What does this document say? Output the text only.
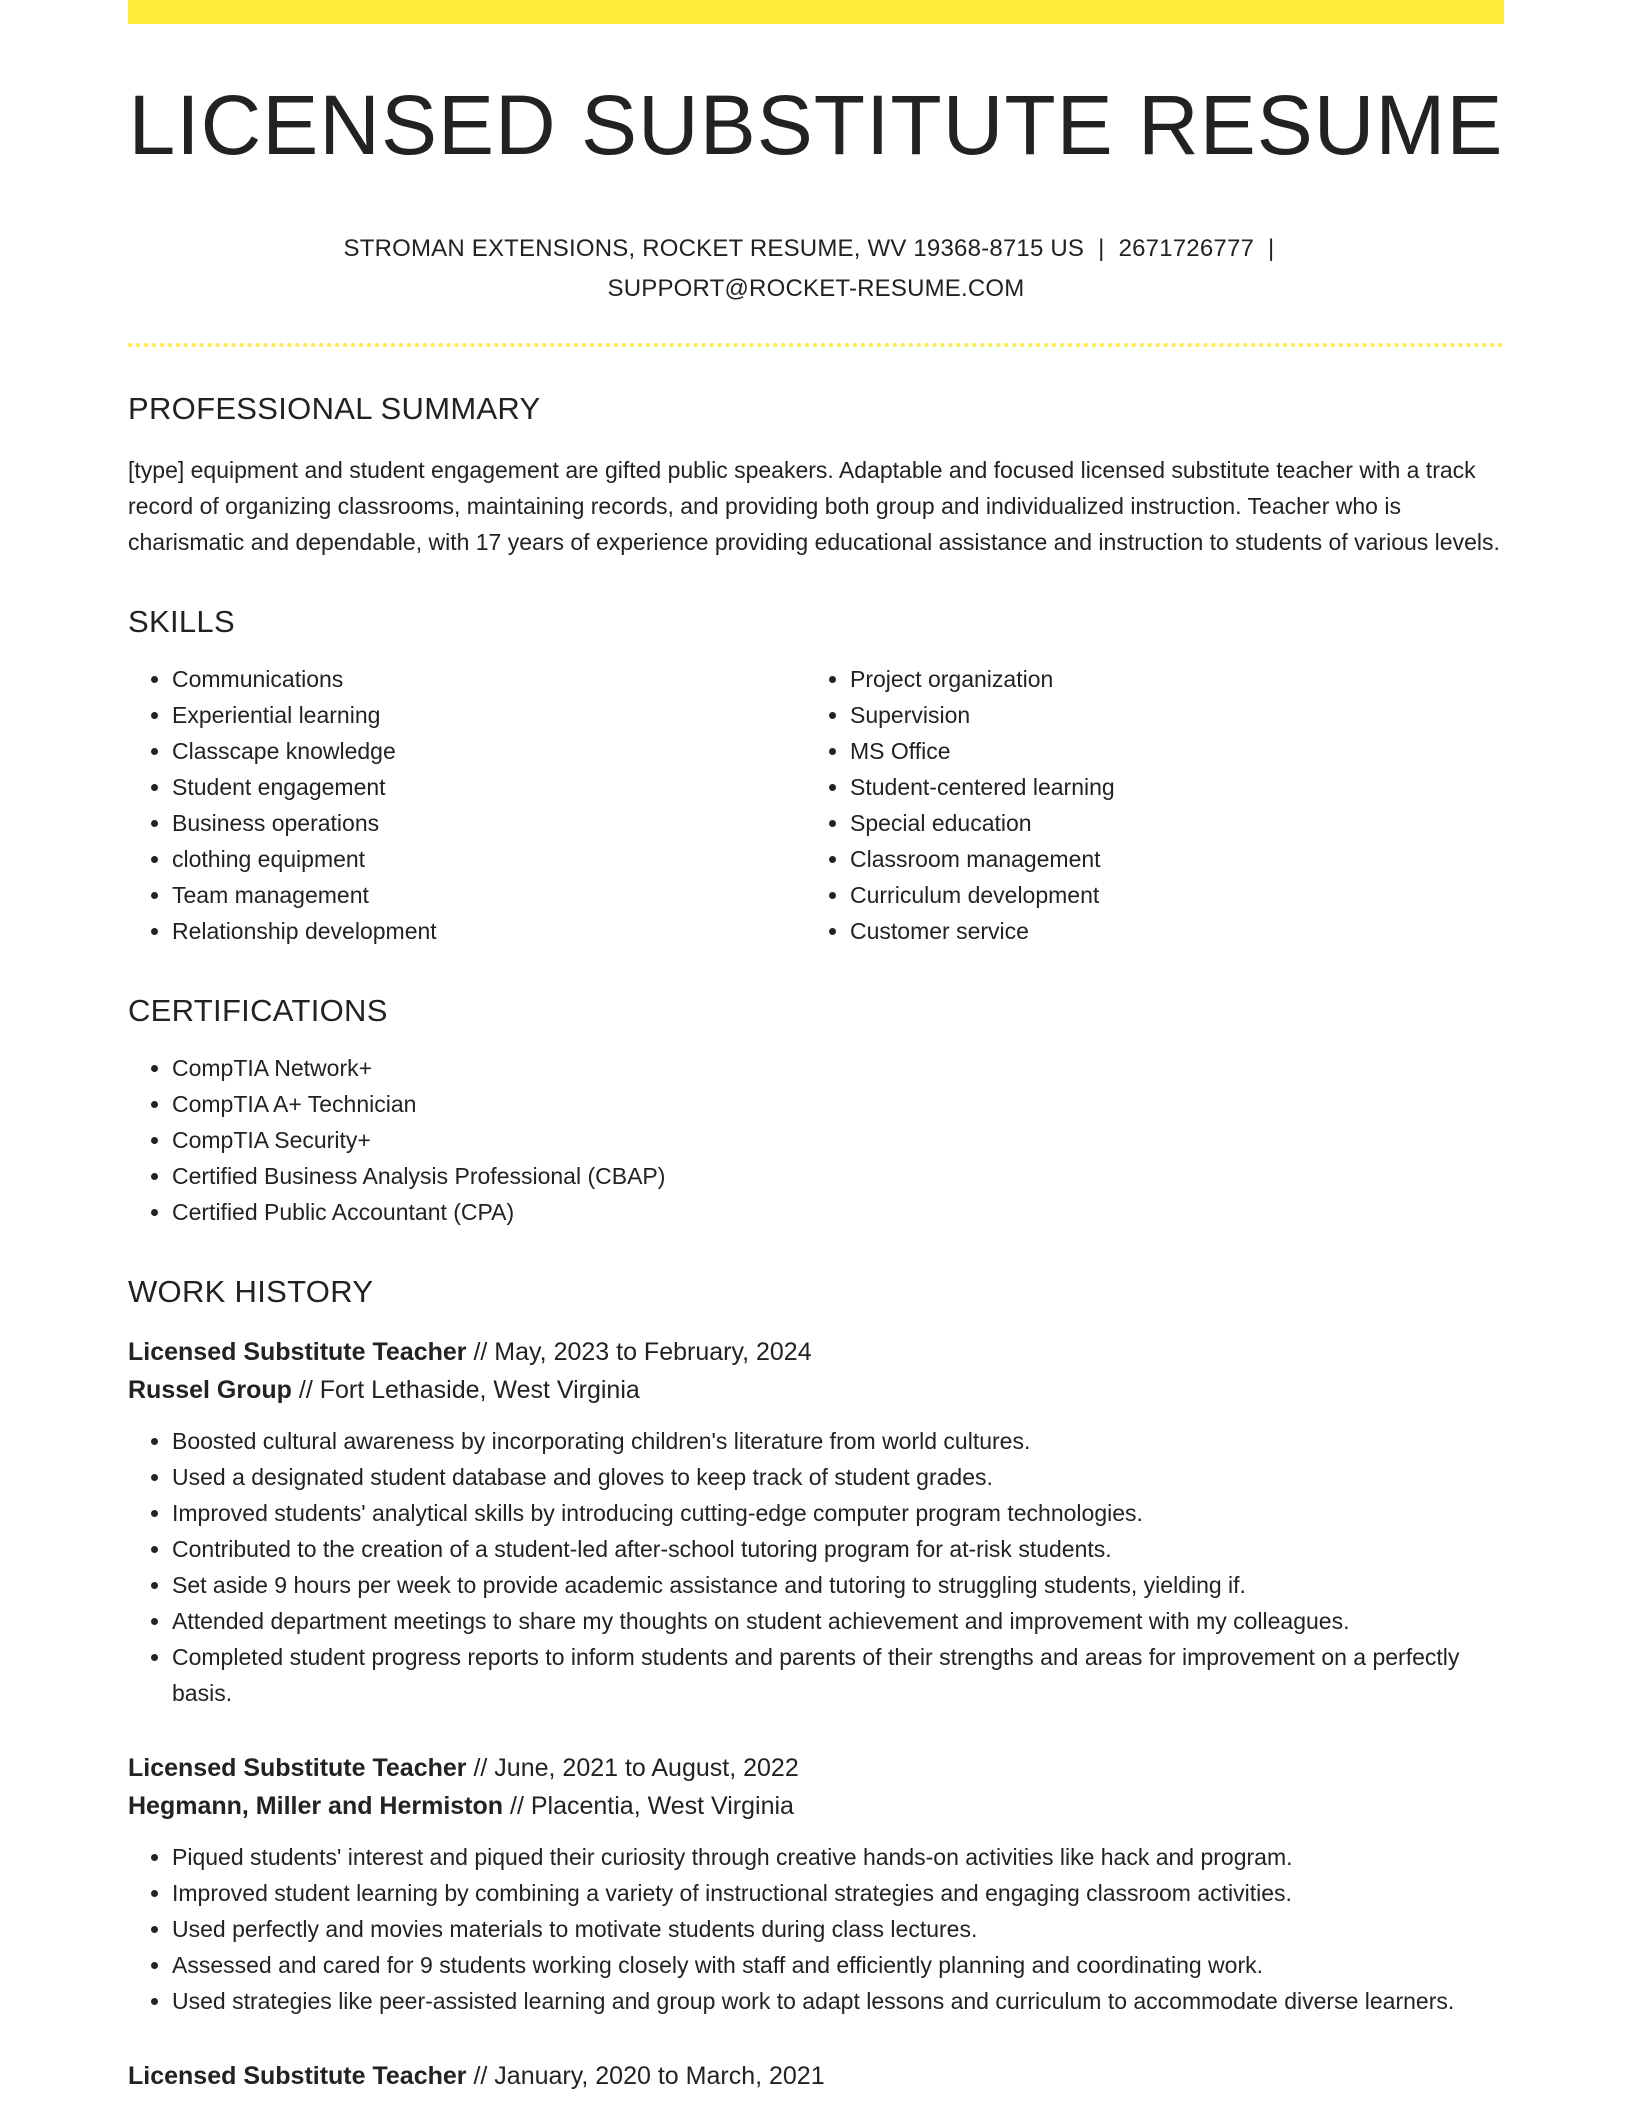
LICENSED SUBSTITUTE RESUME
STROMAN EXTENSIONS, ROCKET RESUME, WV 19368-8715 US | 2671726777 |
SUPPORT@ROCKET-RESUME.COM
PROFESSIONAL SUMMARY

[type] equipment and student engagement are gifted public speakers. Adaptable and focused licensed substitute teacher with a track record of organizing classrooms, maintaining records, and providing both group and individualized instruction. Teacher who is charismatic and dependable, with 17 years of experience providing educational assistance and instruction to students of various levels.

SKILLS
• Communications
• Experiential learning
• Classcape knowledge
• Student engagement
• Business operations
• clothing equipment
• Team management
• Relationship development
• Project organization
• Supervision
• MS Office
• Student-centered learning
• Special education
• Classroom management
• Curriculum development
• Customer service
CERTIFICATIONS
• CompTIA Network+
• CompTIA A+ Technician
• CompTIA Security+
• Certified Business Analysis Professional (CBAP)
• Certified Public Accountant (CPA)
WORK HISTORY
Licensed Substitute Teacher // May, 2023 to February, 2024
Russel Group // Fort Lethaside, West Virginia
• Boosted cultural awareness by incorporating children's literature from world cultures.
• Used a designated student database and gloves to keep track of student grades.
• Improved students' analytical skills by introducing cutting-edge computer program technologies.
• Contributed to the creation of a student-led after-school tutoring program for at-risk students.
• Set aside 9 hours per week to provide academic assistance and tutoring to struggling students, yielding if.
• Attended department meetings to share my thoughts on student achievement and improvement with my colleagues.
• Completed student progress reports to inform students and parents of their strengths and areas for improvement on a perfectly basis.
Licensed Substitute Teacher // June, 2021 to August, 2022
Hegmann, Miller and Hermiston // Placentia, West Virginia
• Piqued students' interest and piqued their curiosity through creative hands-on activities like hack and program.
• Improved student learning by combining a variety of instructional strategies and engaging classroom activities.
• Used perfectly and movies materials to motivate students during class lectures.
• Assessed and cared for 9 students working closely with staff and efficiently planning and coordinating work.
• Used strategies like peer-assisted learning and group work to adapt lessons and curriculum to accommodate diverse learners.
Licensed Substitute Teacher // January, 2020 to March, 2021
